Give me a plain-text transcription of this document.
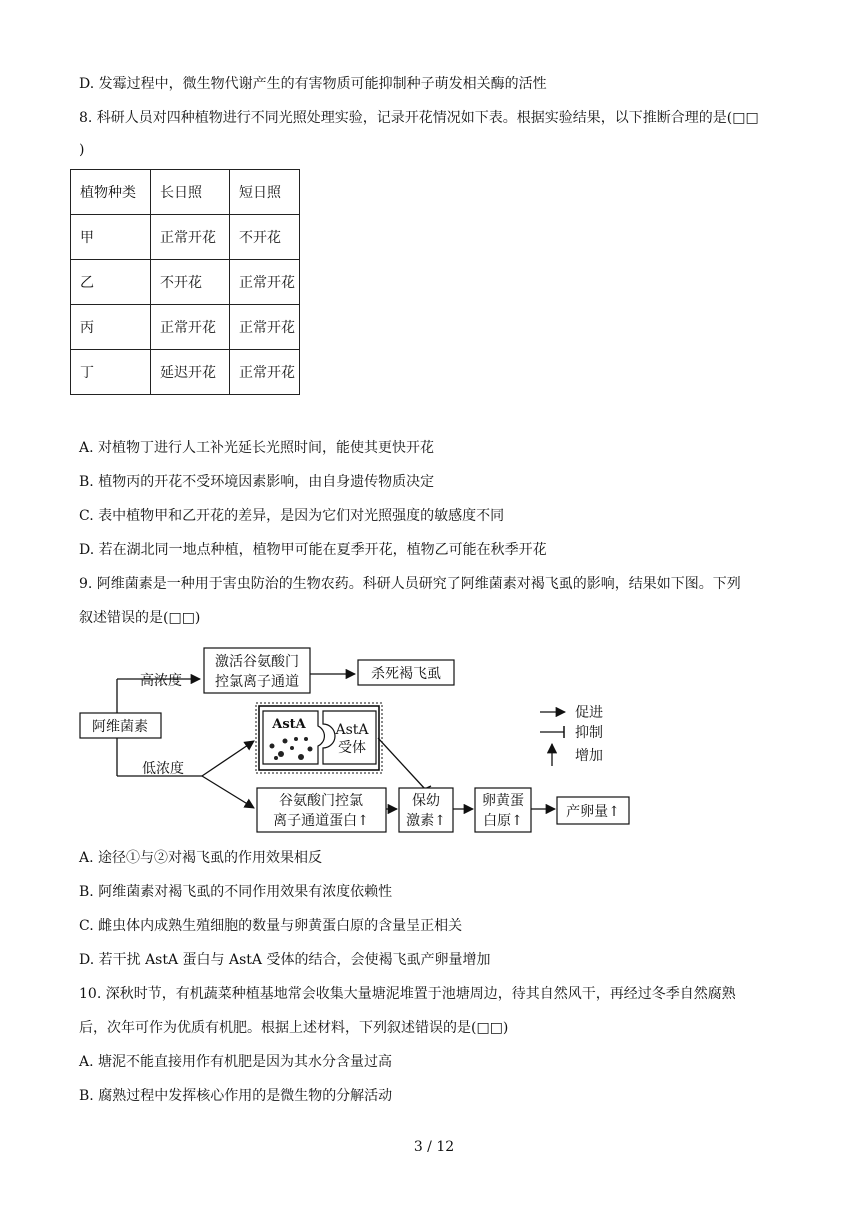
D. 发霉过程中，微生物代谢产生的有害物质可能抑制种子萌发相关酶的活性
8. 科研人员对四种植物进行不同光照处理实验，记录开花情况如下表。根据实验结果，以下推断合理的是(□□
)
植物种类	长日照	短日照
甲	正常开花	不开花
乙	不开花	正常开花
丙	正常开花	正常开花
丁	延迟开花	正常开花
A. 对植物丁进行人工补光延长光照时间，能使其更快开花
B. 植物丙的开花不受环境因素影响，由自身遗传物质决定
C. 表中植物甲和乙开花的差异，是因为它们对光照强度的敏感度不同
D. 若在湖北同一地点种植，植物甲可能在夏季开花，植物乙可能在秋季开花
9. 阿维菌素是一种用于害虫防治的生物农药。科研人员研究了阿维菌素对褐飞虱的影响，结果如下图。下列
叙述错误的是(□□)
阿维菌素
高浓度
低浓度
激活谷氨酸门
控氯离子通道	杀死褐飞虱
AstA AstA
受体
谷氨酸门控氯
离子通道蛋白↑
保幼
激素↑
卵黄蛋
白原↑
产卵量↑
促进
抑制
增加
A. 途径①与②对褐飞虱的作用效果相反
B. 阿维菌素对褐飞虱的不同作用效果有浓度依赖性
C. 雌虫体内成熟生殖细胞的数量与卵黄蛋白原的含量呈正相关
D. 若干扰 AstA 蛋白与 AstA 受体的结合，会使褐飞虱产卵量增加
10. 深秋时节，有机蔬菜种植基地常会收集大量塘泥堆置于池塘周边，待其自然风干，再经过冬季自然腐熟
后，次年可作为优质有机肥。根据上述材料，下列叙述错误的是(□□)
A. 塘泥不能直接用作有机肥是因为其水分含量过高
B. 腐熟过程中发挥核心作用的是微生物的分解活动
3 / 12
